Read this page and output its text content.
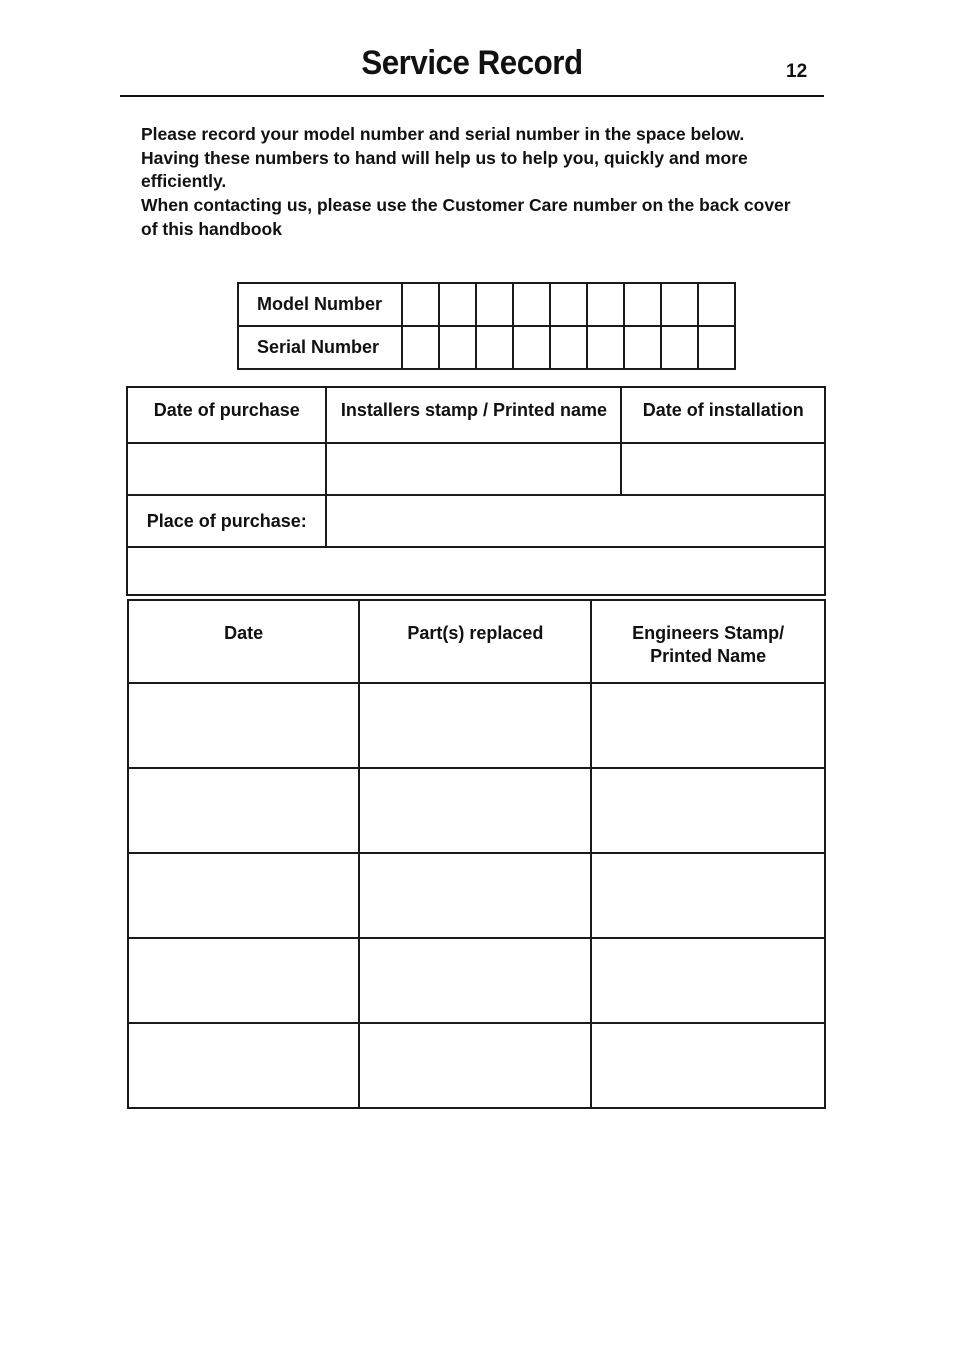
Service Record	12

Please record your model number and serial number in the space below.

Having these numbers to hand will help us to help you, quickly and more efficiently.

When contacting us, please use the Customer Care number on the back cover of this handbook

Model Number									
Serial Number									
Date of purchase	Installers stamp / Printed name	Date of installation

Place of purchase:		

Date	Part(s) replaced	Engineers Stamp/ Printed Name
